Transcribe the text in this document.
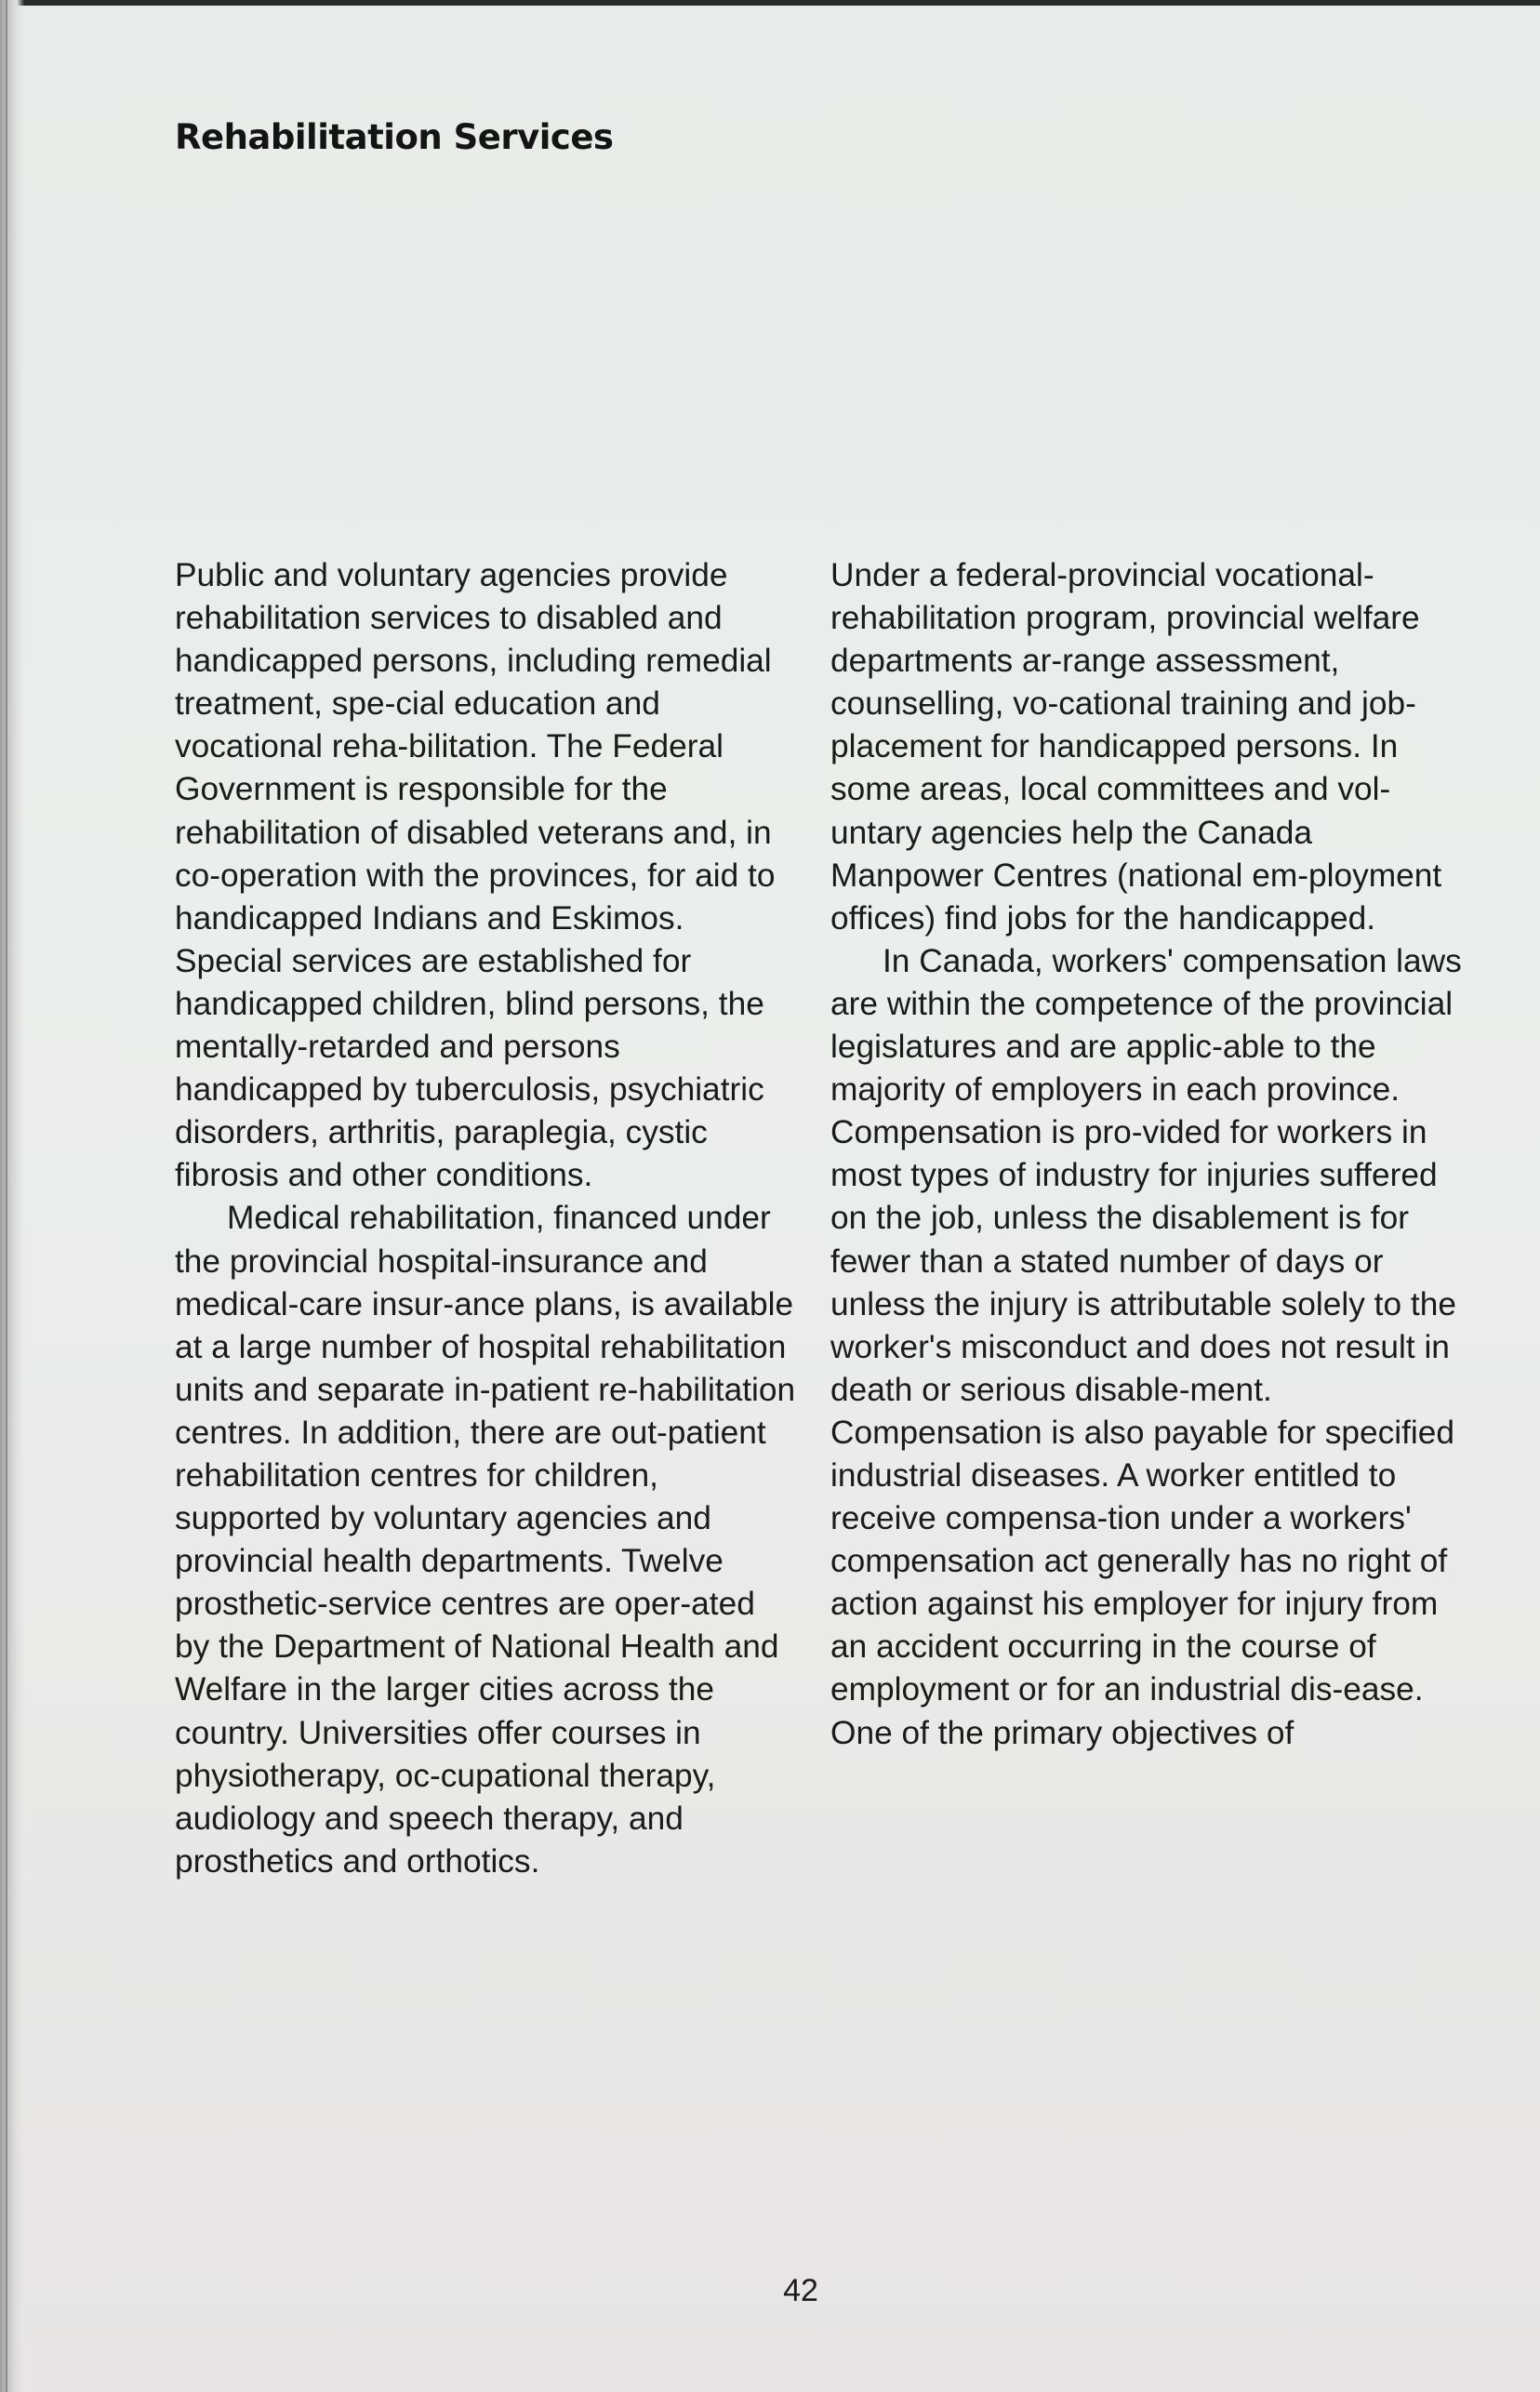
Rehabilitation Services

Public and voluntary agencies provide rehabilitation services to disabled and handicapped persons, including remedial treatment, spe-cial education and vocational reha-bilitation. The Federal Government is responsible for the rehabilitation of disabled veterans and, in co-operation with the provinces, for aid to handicapped Indians and Eskimos. Special services are established for handicapped children, blind persons, the mentally-retarded and persons handicapped by tuberculosis, psychiatric disorders, arthritis, paraplegia, cystic fibrosis and other conditions.

Medical rehabilitation, financed under the provincial hospital-insurance and medical-care insur-ance plans, is available at a large number of hospital rehabilitation units and separate in-patient re-habilitation centres. In addition, there are out-patient rehabilitation centres for children, supported by voluntary agencies and provincial health departments. Twelve prosthetic-service centres are oper-ated by the Department of National Health and Welfare in the larger cities across the country. Universities offer courses in physiotherapy, oc-cupational therapy, audiology and speech therapy, and prosthetics and orthotics.

Under a federal-provincial vocational-rehabilitation program, provincial welfare departments ar-range assessment, counselling, vo-cational training and job-placement for handicapped persons. In some areas, local committees and vol-untary agencies help the Canada Manpower Centres (national em-ployment offices) find jobs for the handicapped.

In Canada, workers' compensation laws are within the competence of the provincial legislatures and are applic-able to the majority of employers in each province. Compensation is pro-vided for workers in most types of industry for injuries suffered on the job, unless the disablement is for fewer than a stated number of days or unless the injury is attributable solely to the worker's misconduct and does not result in death or serious disable-ment. Compensation is also payable for specified industrial diseases. A worker entitled to receive compensa-tion under a workers' compensation act generally has no right of action against his employer for injury from an accident occurring in the course of employment or for an industrial dis-ease. One of the primary objectives of

42
